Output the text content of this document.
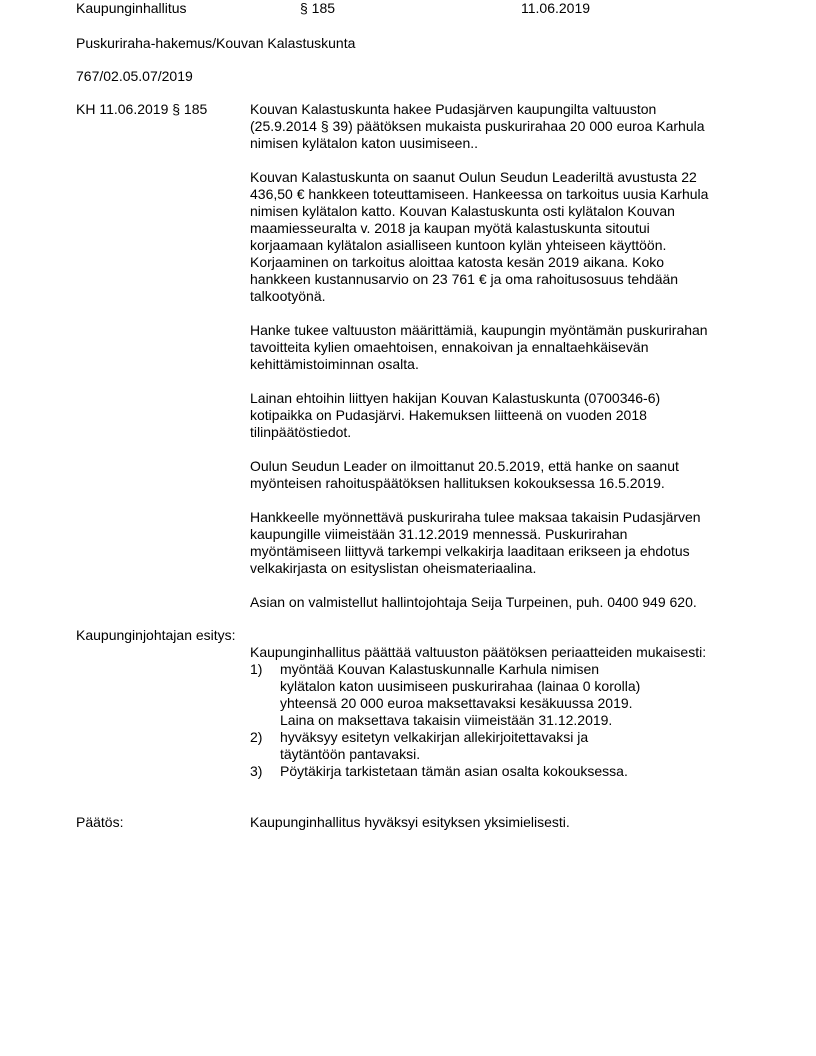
Kaupunginhallitus	§ 185	11.06.2019
Puskuriraha-hakemus/Kouvan Kalastuskunta
767/02.05.07/2019
KH 11.06.2019 § 185	Kouvan Kalastuskunta hakee Pudasjärven kaupungilta valtuuston
(25.9.2014 § 39) päätöksen mukaista puskurirahaa 20 000 euroa Karhula
nimisen kylätalon katon uusimiseen..
Kouvan Kalastuskunta on saanut Oulun Seudun Leaderiltä avustusta 22
436,50 € hankkeen toteuttamiseen. Hankeessa on tarkoitus uusia Karhula
nimisen kylätalon katto. Kouvan Kalastuskunta osti kylätalon Kouvan
maamiesseuralta v. 2018 ja kaupan myötä kalastuskunta sitoutui
korjaamaan kylätalon asialliseen kuntoon kylän yhteiseen käyttöön.
Korjaaminen on tarkoitus aloittaa katosta kesän 2019 aikana. Koko
hankkeen kustannusarvio on 23 761 € ja oma rahoitusosuus tehdään
talkootyönä.
Hanke tukee valtuuston määrittämiä, kaupungin myöntämän puskurirahan
tavoitteita kylien omaehtoisen, ennakoivan ja ennaltaehkäisevän
kehittämistoiminnan osalta.
Lainan ehtoihin liittyen hakijan Kouvan Kalastuskunta (0700346-6)
kotipaikka on Pudasjärvi. Hakemuksen liitteenä on vuoden 2018
tilinpäätöstiedot.
Oulun Seudun Leader on ilmoittanut 20.5.2019, että hanke on saanut
myönteisen rahoituspäätöksen hallituksen kokouksessa 16.5.2019.
Hankkeelle myönnettävä puskuriraha tulee maksaa takaisin Pudasjärven
kaupungille viimeistään 31.12.2019 mennessä. Puskurirahan
myöntämiseen liittyvä tarkempi velkakirja laaditaan erikseen ja ehdotus
velkakirjasta on esityslistan oheismateriaalina.
Asian on valmistellut hallintojohtaja Seija Turpeinen, puh. 0400 949 620.
Kaupunginjohtajan esitys:
Kaupunginhallitus päättää valtuuston päätöksen periaatteiden mukaisesti:
1)	myöntää Kouvan Kalastuskunnalle Karhula nimisen
kylätalon katon uusimiseen puskurirahaa (lainaa 0 korolla)
yhteensä 20 000 euroa maksettavaksi kesäkuussa 2019.
Laina on maksettava takaisin viimeistään 31.12.2019.
2)	hyväksyy esitetyn velkakirjan allekirjoitettavaksi ja
täytäntöön pantavaksi.
3)	Pöytäkirja tarkistetaan tämän asian osalta kokouksessa.
Päätös:	Kaupunginhallitus hyväksyi esityksen yksimielisesti.
